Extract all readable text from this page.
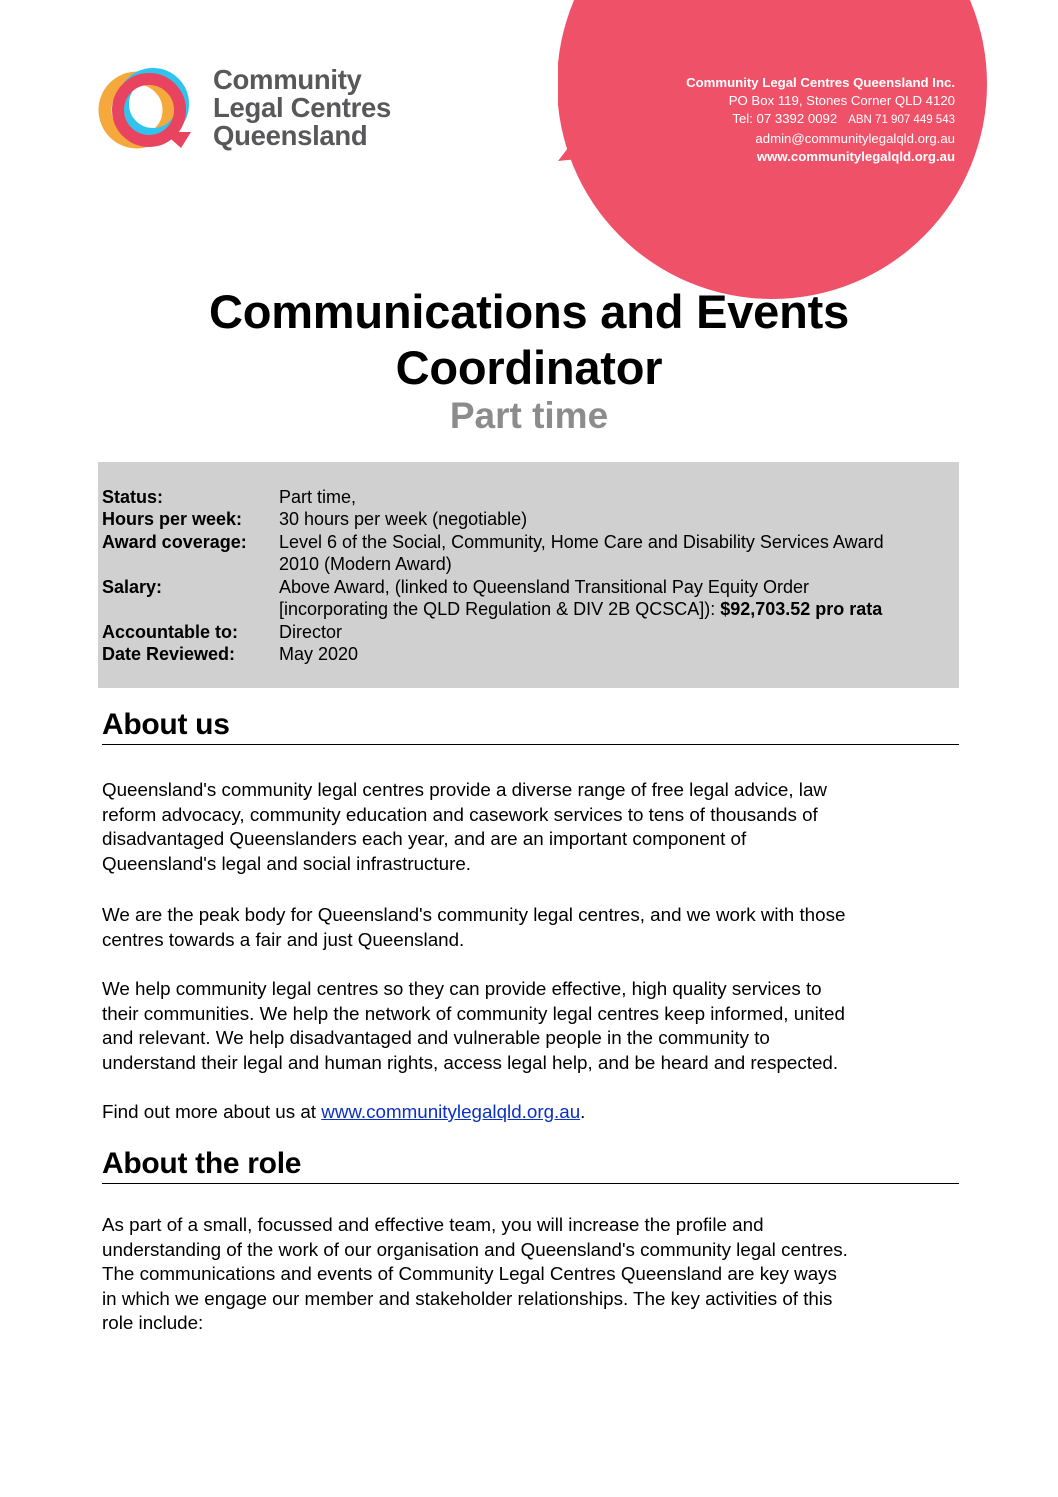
Community Legal Centres Queensland Inc.
PO Box 119, Stones Corner QLD 4120
Tel: 07 3392 0092 ABN 71 907 449 543
admin@communitylegalqld.org.au
www.communitylegalqld.org.au
Community
Legal Centres
Queensland
Communications and Events
Coordinator
Part time
Status:	Part time,
Hours per week: 30 hours per week (negotiable)
Award coverage: Level 6 of the Social, Community, Home Care and Disability Services Award
2010 (Modern Award)
Salary:	Above Award, (linked to Queensland Transitional Pay Equity Order
[incorporating the QLD Regulation & DIV 2B QCSCA]): $92,703.52 pro rata
Accountable to: Director
Date Reviewed: May 2020
About us
Queensland's community legal centres provide a diverse range of free legal advice, law
reform advocacy, community education and casework services to tens of thousands of
disadvantaged Queenslanders each year, and are an important component of
Queensland's legal and social infrastructure.
We are the peak body for Queensland's community legal centres, and we work with those
centres towards a fair and just Queensland.
We help community legal centres so they can provide effective, high quality services to
their communities. We help the network of community legal centres keep informed, united
and relevant. We help disadvantaged and vulnerable people in the community to
understand their legal and human rights, access legal help, and be heard and respected.
Find out more about us at www.communitylegalqld.org.au.
About the role
As part of a small, focussed and effective team, you will increase the profile and
understanding of the work of our organisation and Queensland's community legal centres.
The communications and events of Community Legal Centres Queensland are key ways
in which we engage our member and stakeholder relationships. The key activities of this
role include:
